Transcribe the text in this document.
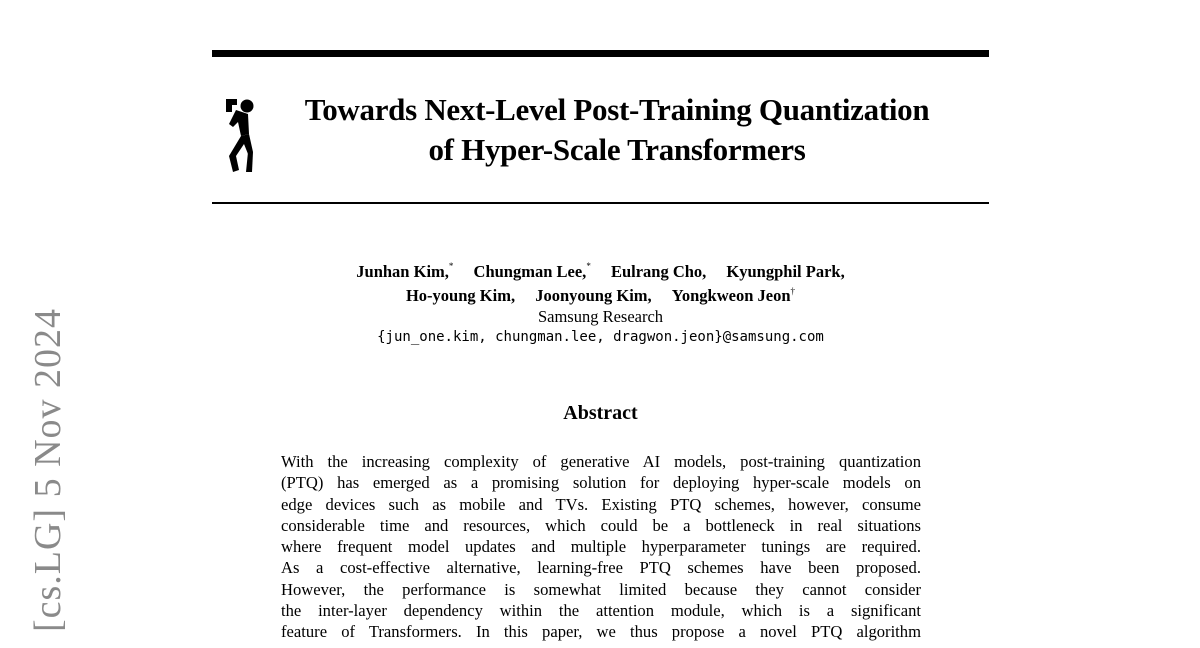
[cs.LG] 5 Nov 2024
Towards Next-Level Post-Training Quantization
of Hyper-Scale Transformers
Junhan Kim,* Chungman Lee,* Eulrang Cho, Kyungphil Park,
Ho-young Kim, Joonyoung Kim, Yongkweon Jeon†
Samsung Research
{jun_one.kim, chungman.lee, dragwon.jeon}@samsung.com
Abstract
With the increasing complexity of generative AI models, post-training quantization
(PTQ) has emerged as a promising solution for deploying hyper-scale models on
edge devices such as mobile and TVs. Existing PTQ schemes, however, consume
considerable time and resources, which could be a bottleneck in real situations
where frequent model updates and multiple hyperparameter tunings are required.
As a cost-effective alternative, learning-free PTQ schemes have been proposed.
However, the performance is somewhat limited because they cannot consider
the inter-layer dependency within the attention module, which is a significant
feature of Transformers. In this paper, we thus propose a novel PTQ algorithm
